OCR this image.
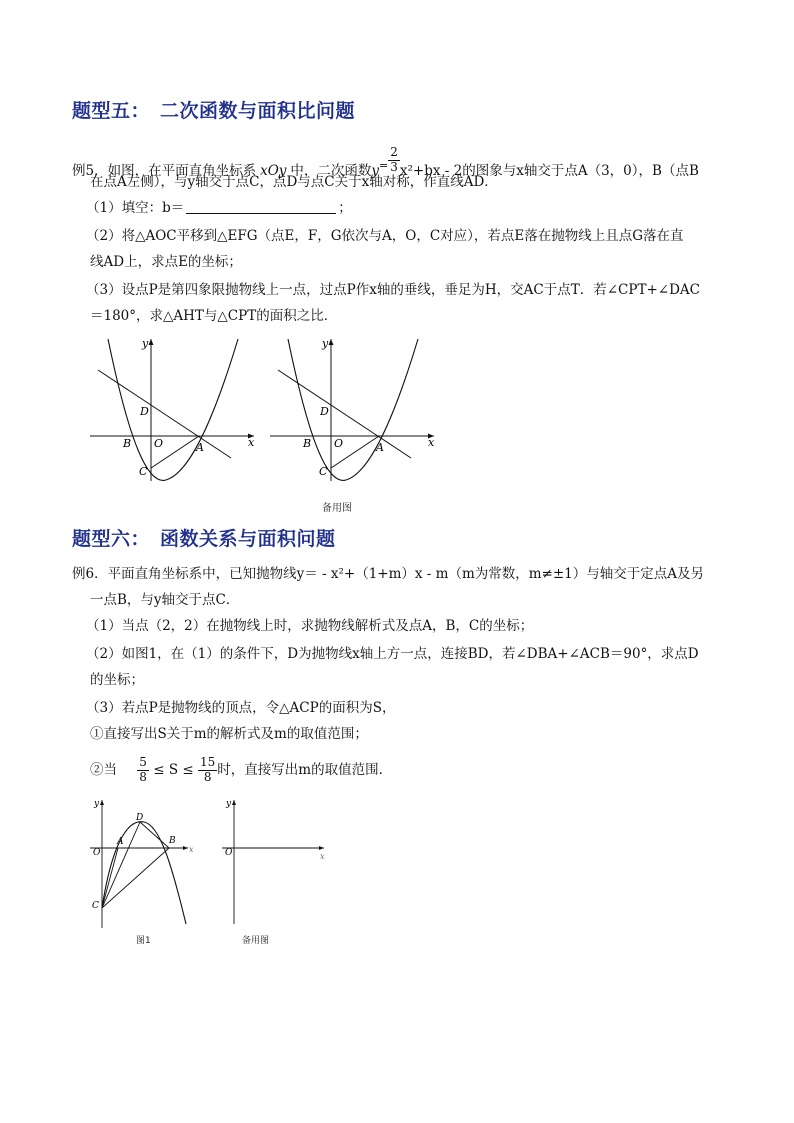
题型五：　二次函数与面积比问题
例5．如图，在平面直角坐标系 xOy 中，二次函数$y^= \frac{2}{3} x^2+bx - 2$的图象与x轴交于点A（3，0），B（点B
在点A左侧），与y轴交于点C，点D与点C关于x轴对称，作直线AD．
（1）填空：b＝	；
（2）将△AOC平移到△EFG（点E，F，G依次与A，O，C对应），若点E落在抛物线上且点G落在直
线AD上，求点E的坐标；
（3）设点P是第四象限抛物线上一点，过点P作x轴的垂线，垂足为H，交AC于点T．若∠CPT+∠DAC
＝180°，求△AHT与△CPT的面积之比．
y
x
D
B O	A
C
y
x
D
B O	A
C
备用图
题型六：　函数关系与面积问题
例6．平面直角坐标系中，已知抛物线y＝ - x²+（1+m）x - m（m为常数，m≠±1）与轴交于定点A及另
一点B，与y轴交于点C．
（1）当点（2，2）在抛物线上时，求抛物线解析式及点A，B，C的坐标；
（2）如图1，在（1）的条件下，D为抛物线x轴上方一点，连接BD，若∠DBA+∠ACB＝90°，求点D
的坐标；
（3）若点P是抛物线的顶点，令△ACP的面积为S，
①直接写出S关于m的解析式及m的取值范围；
②当 $\frac{5}{8} \le S \le \frac{15}{8}$ 时，直接写出m的取值范围．
y
x
O
A	B
C
D
图1
y
x
O
备用图
